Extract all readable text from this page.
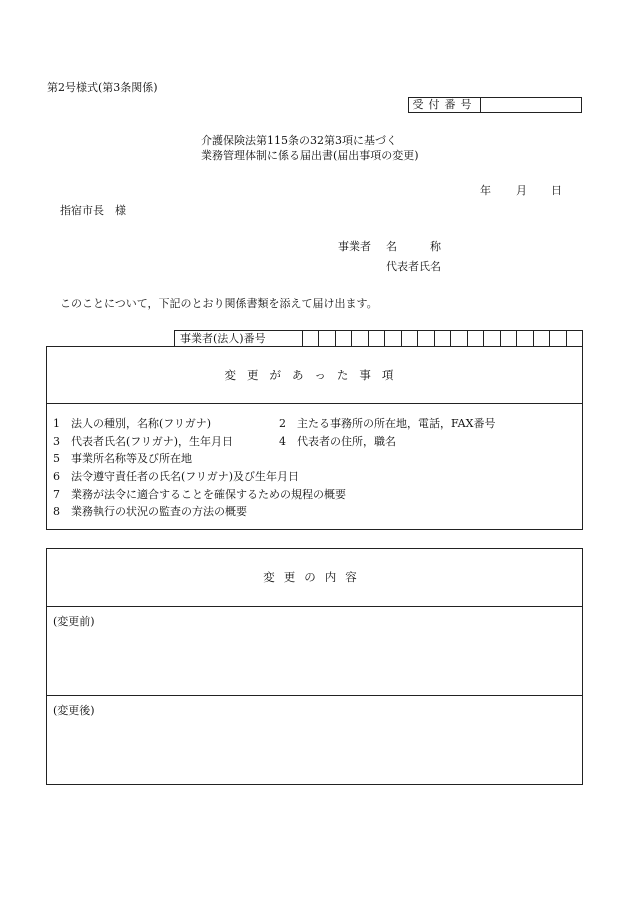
第2号様式(第3条関係)
受付番号
介護保険法第115条の32第3項に基づく
業務管理体制に係る届出書(届出事項の変更)
年 月 日
指宿市長　様
事業者 名　　　称
代表者氏名
このことについて，下記のとおり関係書類を添えて届け出ます。
事業者(法人)番号
変更があった事項
1　法人の種別，名称(フリガナ)	2　主たる事務所の所在地，電話，FAX番号
3　代表者氏名(フリガナ)，生年月日	4　代表者の住所，職名
5　事業所名称等及び所在地
6　法令遵守責任者の氏名(フリガナ)及び生年月日
7　業務が法令に適合することを確保するための規程の概要
8　業務執行の状況の監査の方法の概要
変更の内容
(変更前)
(変更後)
